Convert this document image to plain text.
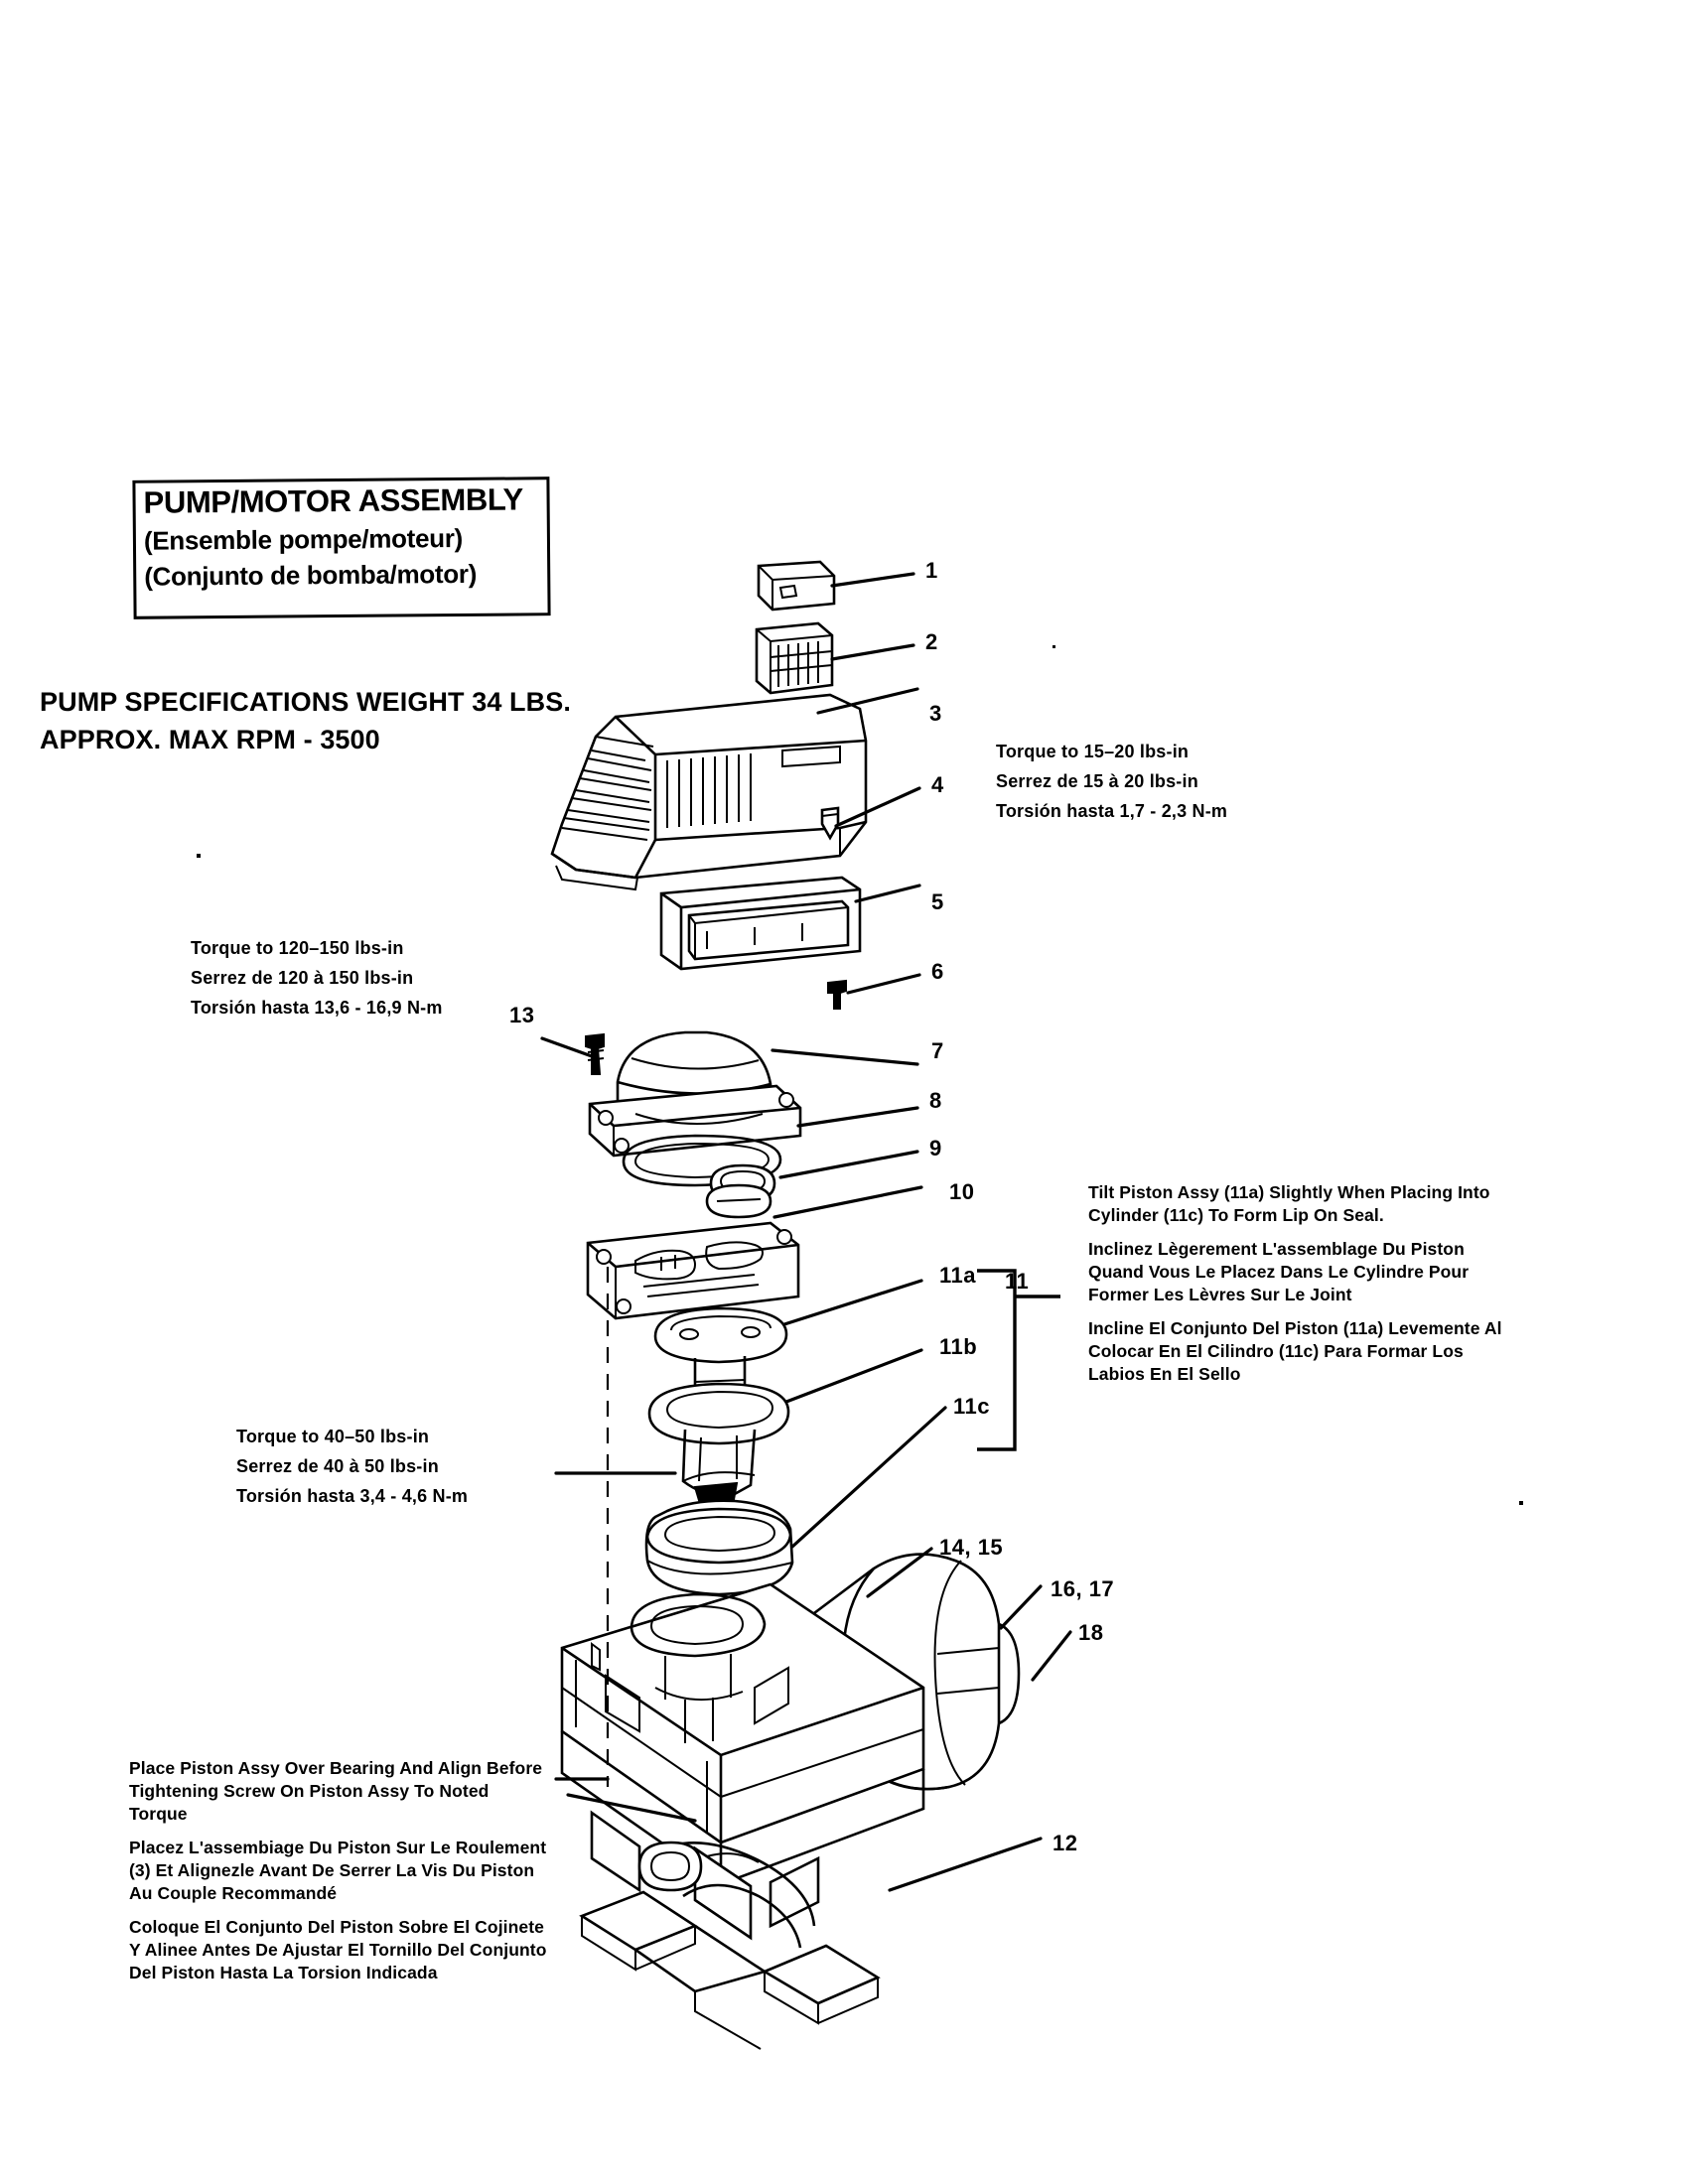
PUMP/MOTOR ASSEMBLY
(Ensemble pompe/moteur)
(Conjunto de bomba/motor)
PUMP SPECIFICATIONS WEIGHT 34 LBS.
APPROX. MAX RPM - 3500	Torque to 15–20 lbs-in
Serrez de 15 à 20 lbs-in
Torsión hasta 1,7 - 2,3 N-m
Torque to 120–150 lbs-in
Serrez de 120 à 150 lbs-in
Torsión hasta 13,6 - 16,9 N-m
Torque to 40–50 lbs-in
Serrez de 40 à 50 lbs-in
Torsión hasta 3,4 - 4,6 N-m
Tilt Piston Assy (11a) Slightly When Placing Into
Cylinder (11c) To Form Lip On Seal.
Inclinez Lègerement L'assemblage Du Piston
Quand Vous Le Placez Dans Le Cylindre Pour
Former Les Lèvres Sur Le Joint
Incline El Conjunto Del Piston (11a) Levemente Al
Colocar En El Cilindro (11c) Para Formar Los
Labios En El Sello
Place Piston Assy Over Bearing And Align Before
Tightening Screw On Piston Assy To Noted
Torque
Placez L'assembiage Du Piston Sur Le Roulement
(3) Et Alignezle Avant De Serrer La Vis Du Piston
Au Couple Recommandé
Coloque El Conjunto Del Piston Sobre El Cojinete
Y Alinee Antes De Ajustar El Tornillo Del Conjunto
Del Piston Hasta La Torsion Indicada
1
2
3
4
5
6
7
8
9
10
11
11a
11b
11c
12
13
14, 15
16, 17
18
